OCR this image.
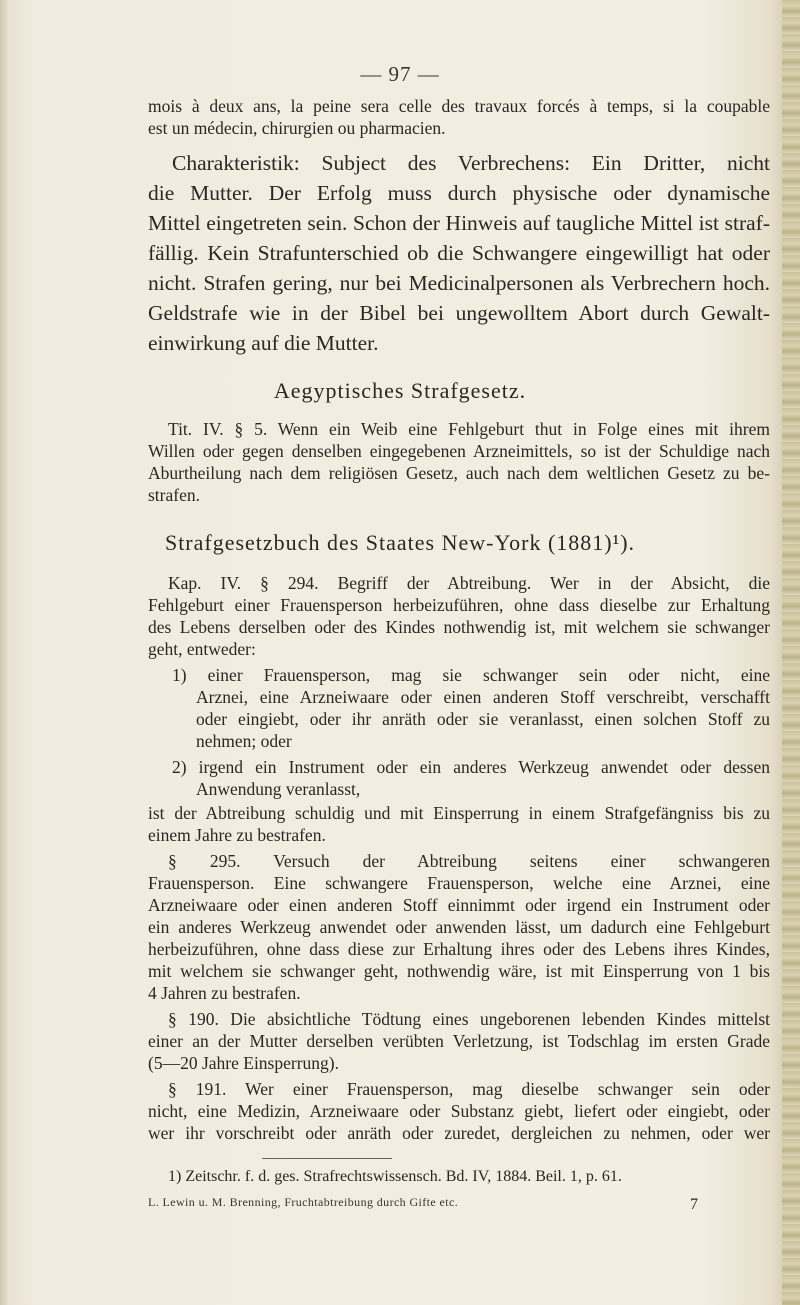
— 97 —
mois à deux ans, la peine sera celle des travaux forcés à temps, si la coupable
est un médecin, chirurgien ou pharmacien.
Charakteristik: Subject des Verbrechens: Ein Dritter, nicht
die Mutter. Der Erfolg muss durch physische oder dynamische
Mittel eingetreten sein. Schon der Hinweis auf taugliche Mittel ist straf-
fällig. Kein Strafunterschied ob die Schwangere eingewilligt hat oder
nicht. Strafen gering, nur bei Medicinalpersonen als Verbrechern hoch.
Geldstrafe wie in der Bibel bei ungewolltem Abort durch Gewalt-
einwirkung auf die Mutter.
Aegyptisches Strafgesetz.
Tit. IV. § 5. Wenn ein Weib eine Fehlgeburt thut in Folge eines mit ihrem
Willen oder gegen denselben eingegebenen Arzneimittels, so ist der Schuldige nach
Aburtheilung nach dem religiösen Gesetz, auch nach dem weltlichen Gesetz zu be-
strafen.
Strafgesetzbuch des Staates New-York (1881)¹).
Kap. IV. § 294. Begriff der Abtreibung. Wer in der Absicht, die
Fehlgeburt einer Frauensperson herbeizuführen, ohne dass dieselbe zur Erhaltung
des Lebens derselben oder des Kindes nothwendig ist, mit welchem sie schwanger
geht, entweder:
1) einer Frauensperson, mag sie schwanger sein oder nicht, eine
Arznei, eine Arzneiwaare oder einen anderen Stoff verschreibt, verschafft
oder eingiebt, oder ihr anräth oder sie veranlasst, einen solchen Stoff zu
nehmen; oder
2) irgend ein Instrument oder ein anderes Werkzeug anwendet oder dessen
Anwendung veranlasst,
ist der Abtreibung schuldig und mit Einsperrung in einem Strafgefängniss bis zu
einem Jahre zu bestrafen.
§ 295. Versuch der Abtreibung seitens einer schwangeren
Frauensperson. Eine schwangere Frauensperson, welche eine Arznei, eine
Arzneiwaare oder einen anderen Stoff einnimmt oder irgend ein Instrument oder
ein anderes Werkzeug anwendet oder anwenden lässt, um dadurch eine Fehlgeburt
herbeizuführen, ohne dass diese zur Erhaltung ihres oder des Lebens ihres Kindes,
mit welchem sie schwanger geht, nothwendig wäre, ist mit Einsperrung von 1 bis
4 Jahren zu bestrafen.
§ 190. Die absichtliche Tödtung eines ungeborenen lebenden Kindes mittelst
einer an der Mutter derselben verübten Verletzung, ist Todschlag im ersten Grade
(5—20 Jahre Einsperrung).
§ 191. Wer einer Frauensperson, mag dieselbe schwanger sein oder
nicht, eine Medizin, Arzneiwaare oder Substanz giebt, liefert oder eingiebt, oder
wer ihr vorschreibt oder anräth oder zuredet, dergleichen zu nehmen, oder wer
1) Zeitschr. f. d. ges. Strafrechtswissensch. Bd. IV, 1884. Beil. 1, p. 61.
L. Lewin u. M. Brenning, Fruchtabtreibung durch Gifte etc.	7
